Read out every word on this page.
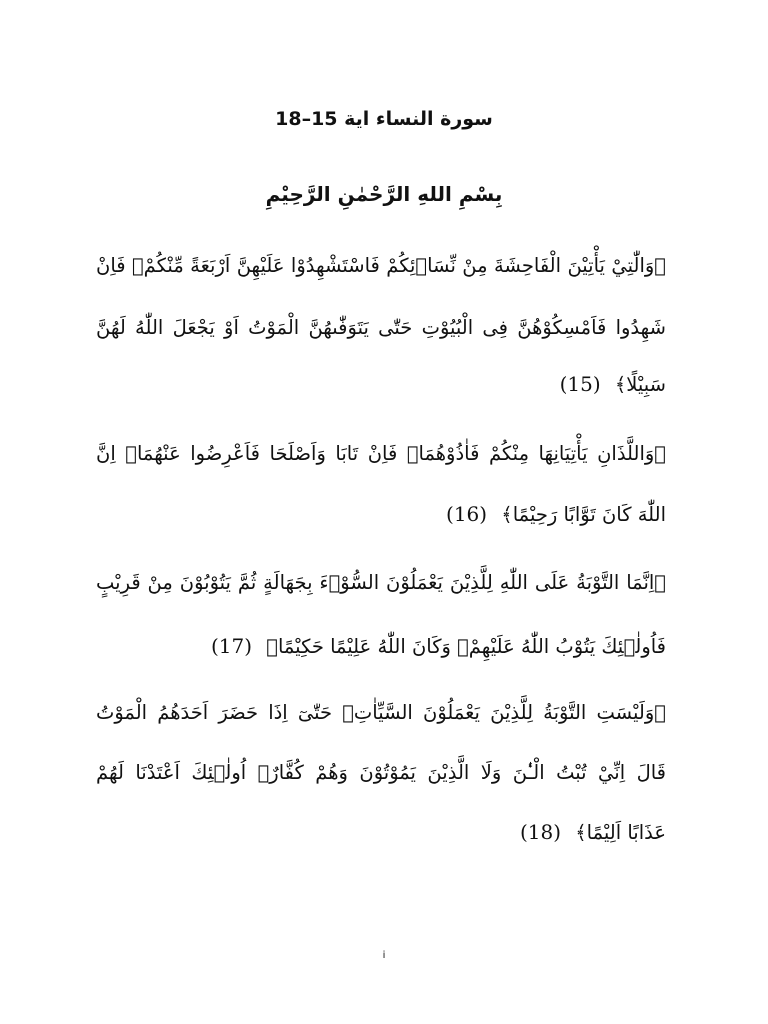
سورة النساء اية 15–18
بِسْمِ اللهِ الرَّحْمٰنِ الرَّحِيْمِ
﴿وَالّٰتِيْ يَأْتِيْنَ الْفَاحِشَةَ مِنْ نِّسَاۤئِكُمْ فَاسْتَشْهِدُوْا عَلَيْهِنَّ اَرْبَعَةً مِّنْكُمْۚ فَاِنْ
شَهِدُوا فَاَمْسِكُوْهُنَّ فِى الْبُيُوْتِ حَتّٰى يَتَوَفّٰىهُنَّ الْمَوْتُ اَوْ يَجْعَلَ اللّٰهُ لَهُنَّ
سَبِيْلًا﴾ (15)
﴿وَاللَّذَانِ يَأْتِيَانِهَا مِنْكُمْ فَاٰذُوْهُمَاۚ فَاِنْ تَابَا وَاَصْلَحَا فَاَعْرِضُوا عَنْهُمَاۗ اِنَّ
اللّٰهَ كَانَ تَوَّابًا رَحِيْمًا﴾ (16)
﴿اِنَّمَا التَّوْبَةُ عَلَى اللّٰهِ لِلَّذِيْنَ يَعْمَلُوْنَ السُّوْۤءَ بِجَهَالَةٍ ثُمَّ يَتُوْبُوْنَ مِنْ قَرِيْبٍ
فَاُولٰۤئِكَ يَتُوْبُ اللّٰهُ عَلَيْهِمْۗ وَكَانَ اللّٰهُ عَلِيْمًا حَكِيْمًا﴾ (17)
﴿وَلَيْسَتِ التَّوْبَةُ لِلَّذِيْنَ يَعْمَلُوْنَ السَّيِّاٰتِۚ حَتّٰىٓ اِذَا حَضَرَ اَحَدَهُمُ الْمَوْتُ
قَالَ اِنِّيْ تُبْتُ الْـٰٔنَ وَلَا الَّذِيْنَ يَمُوْتُوْنَ وَهُمْ كُفَّارٌۗ اُولٰۤئِكَ اَعْتَدْنَا لَهُمْ
عَذَابًا اَلِيْمًا﴾ (18)
i
